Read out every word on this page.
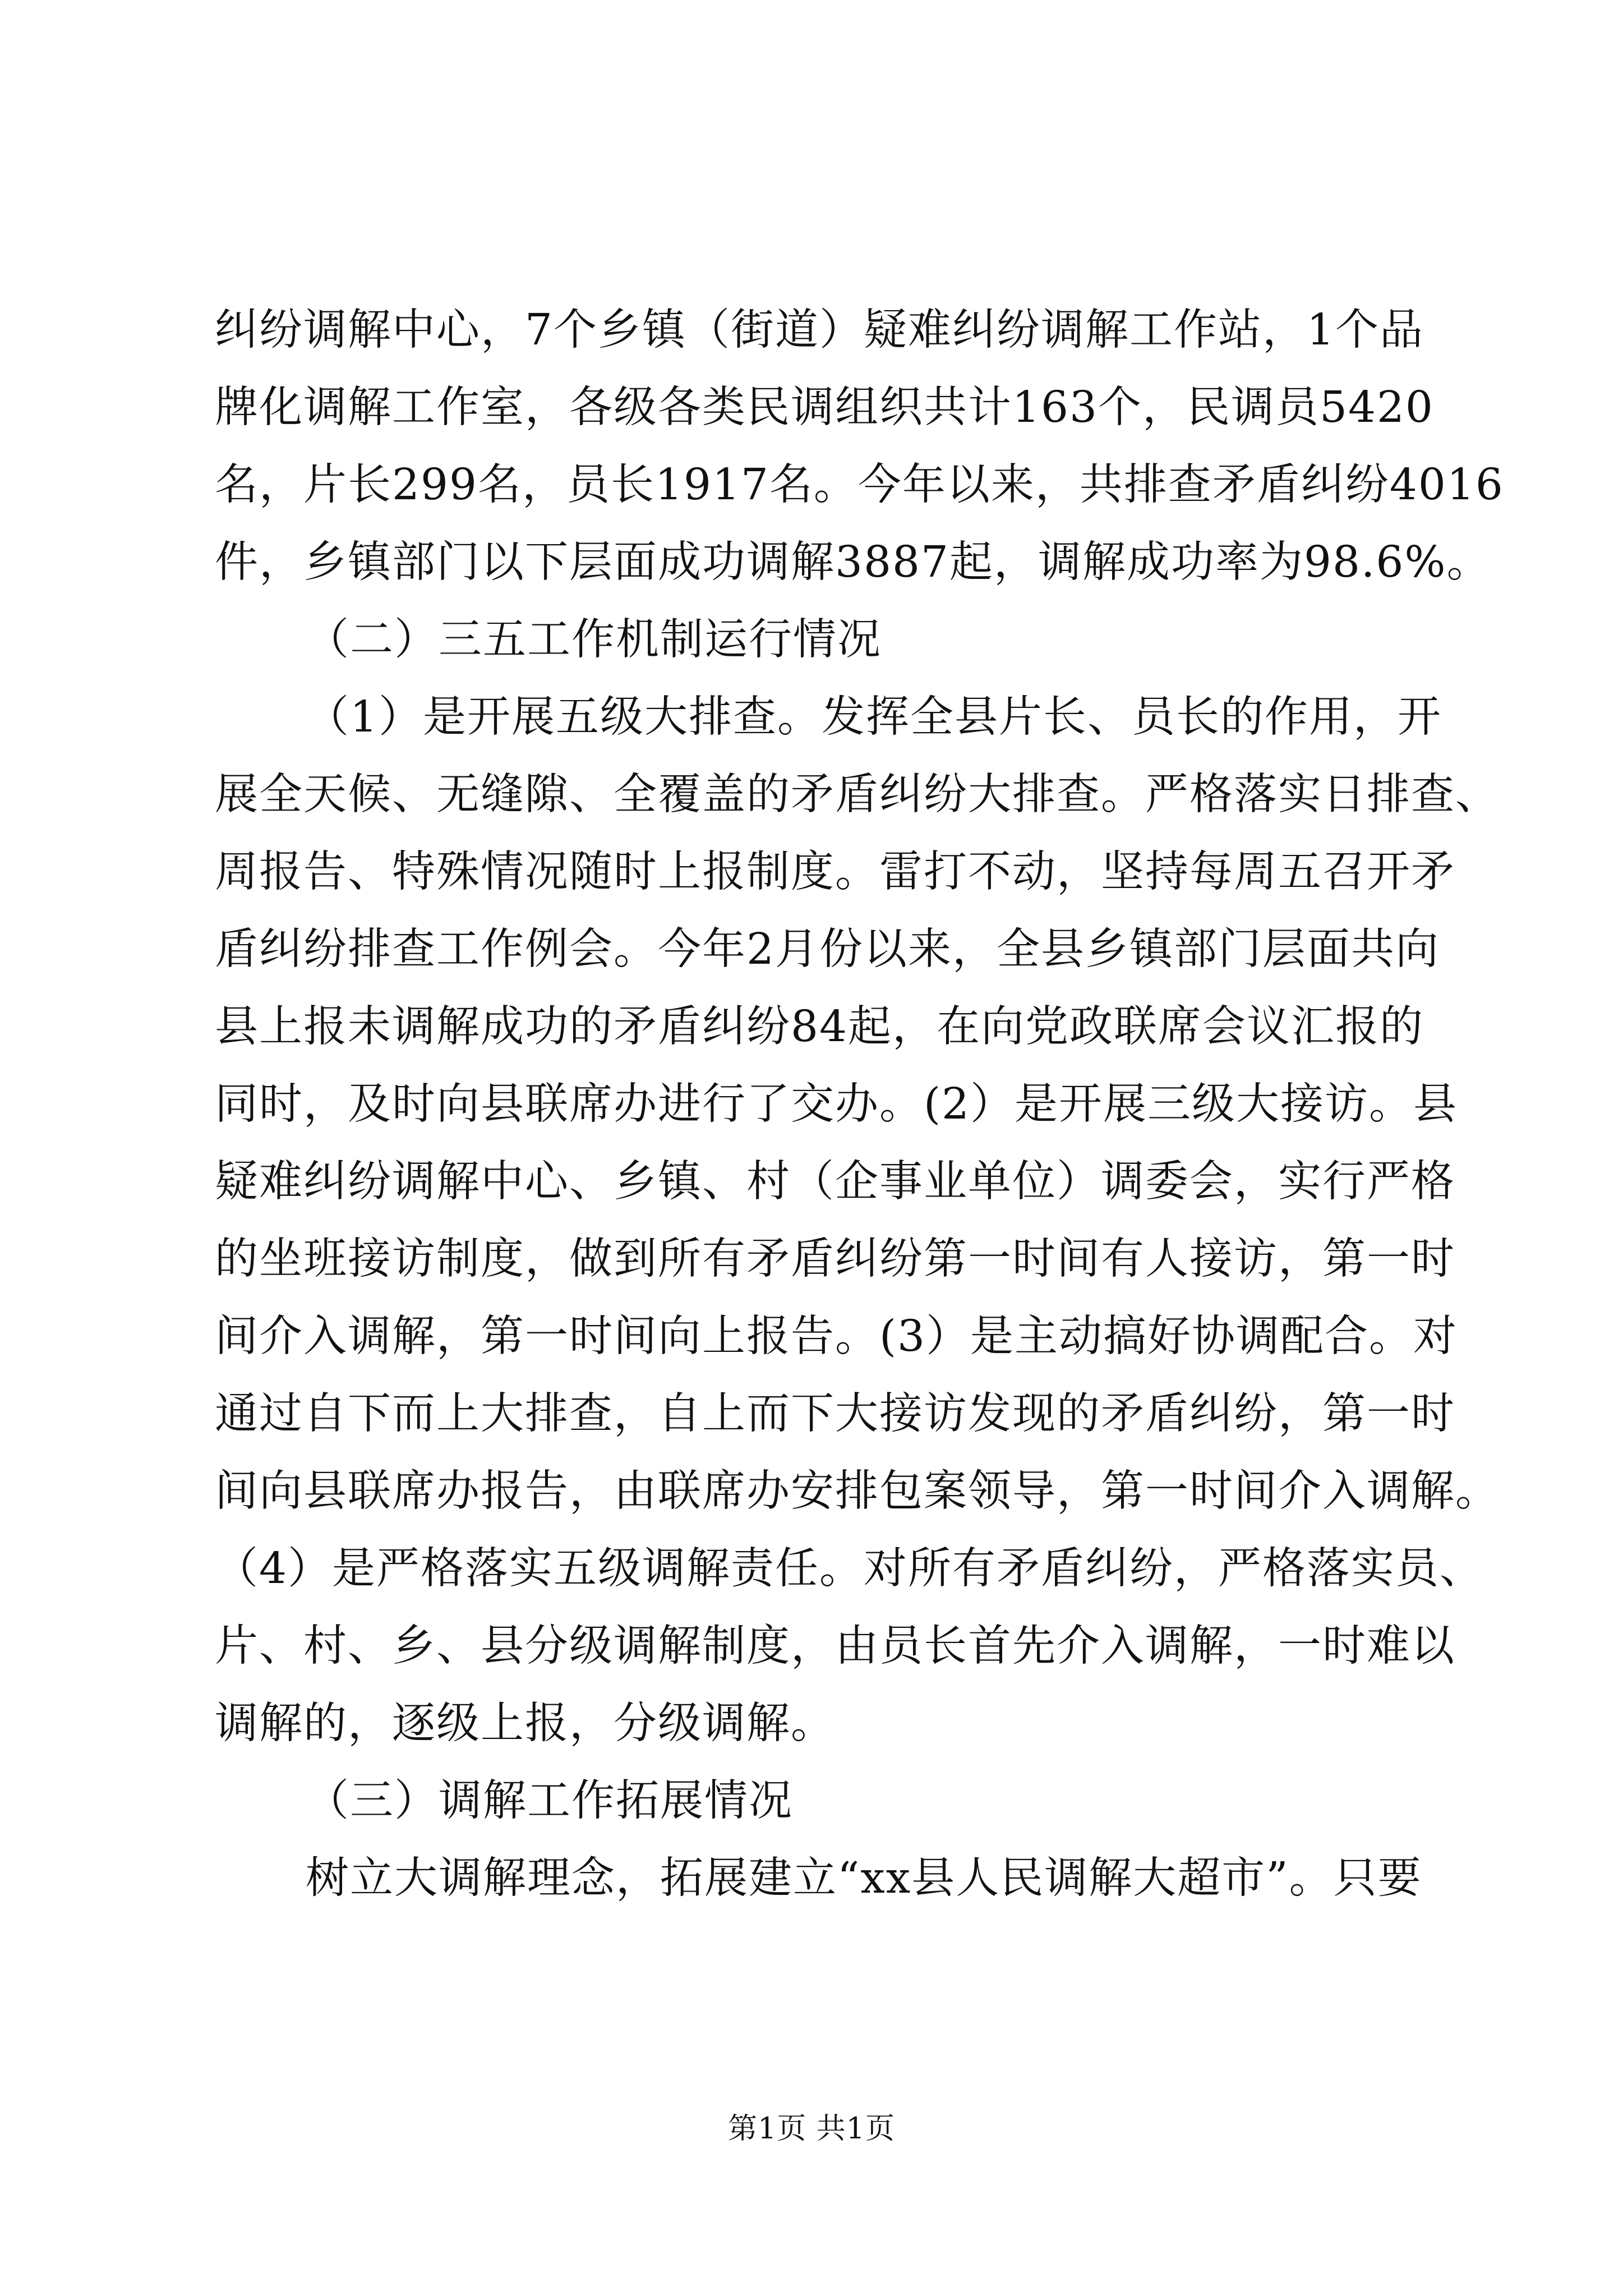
纠纷调解中心，7个乡镇（街道）疑难纠纷调解工作站，1个品
牌化调解工作室，各级各类民调组织共计163个，民调员5420
名，片长299名，员长1917名。今年以来，共排查矛盾纠纷4016
件，乡镇部门以下层面成功调解3887起，调解成功率为98.6%。
（二）三五工作机制运行情况
（1）是开展五级大排查。发挥全县片长、员长的作用，开
展全天候、无缝隙、全覆盖的矛盾纠纷大排查。严格落实日排查、
周报告、特殊情况随时上报制度。雷打不动，坚持每周五召开矛
盾纠纷排查工作例会。今年2月份以来，全县乡镇部门层面共向
县上报未调解成功的矛盾纠纷84起，在向党政联席会议汇报的
同时，及时向县联席办进行了交办。(2）是开展三级大接访。县
疑难纠纷调解中心、乡镇、村（企事业单位）调委会，实行严格
的坐班接访制度，做到所有矛盾纠纷第一时间有人接访，第一时
间介入调解，第一时间向上报告。(3）是主动搞好协调配合。对
通过自下而上大排查，自上而下大接访发现的矛盾纠纷，第一时
间向县联席办报告，由联席办安排包案领导，第一时间介入调解。
（4）是严格落实五级调解责任。对所有矛盾纠纷，严格落实员、
片、村、乡、县分级调解制度，由员长首先介入调解，一时难以
调解的，逐级上报，分级调解。
（三）调解工作拓展情况
树立大调解理念，拓展建立“xx县人民调解大超市”。只要
第1页 共1页
